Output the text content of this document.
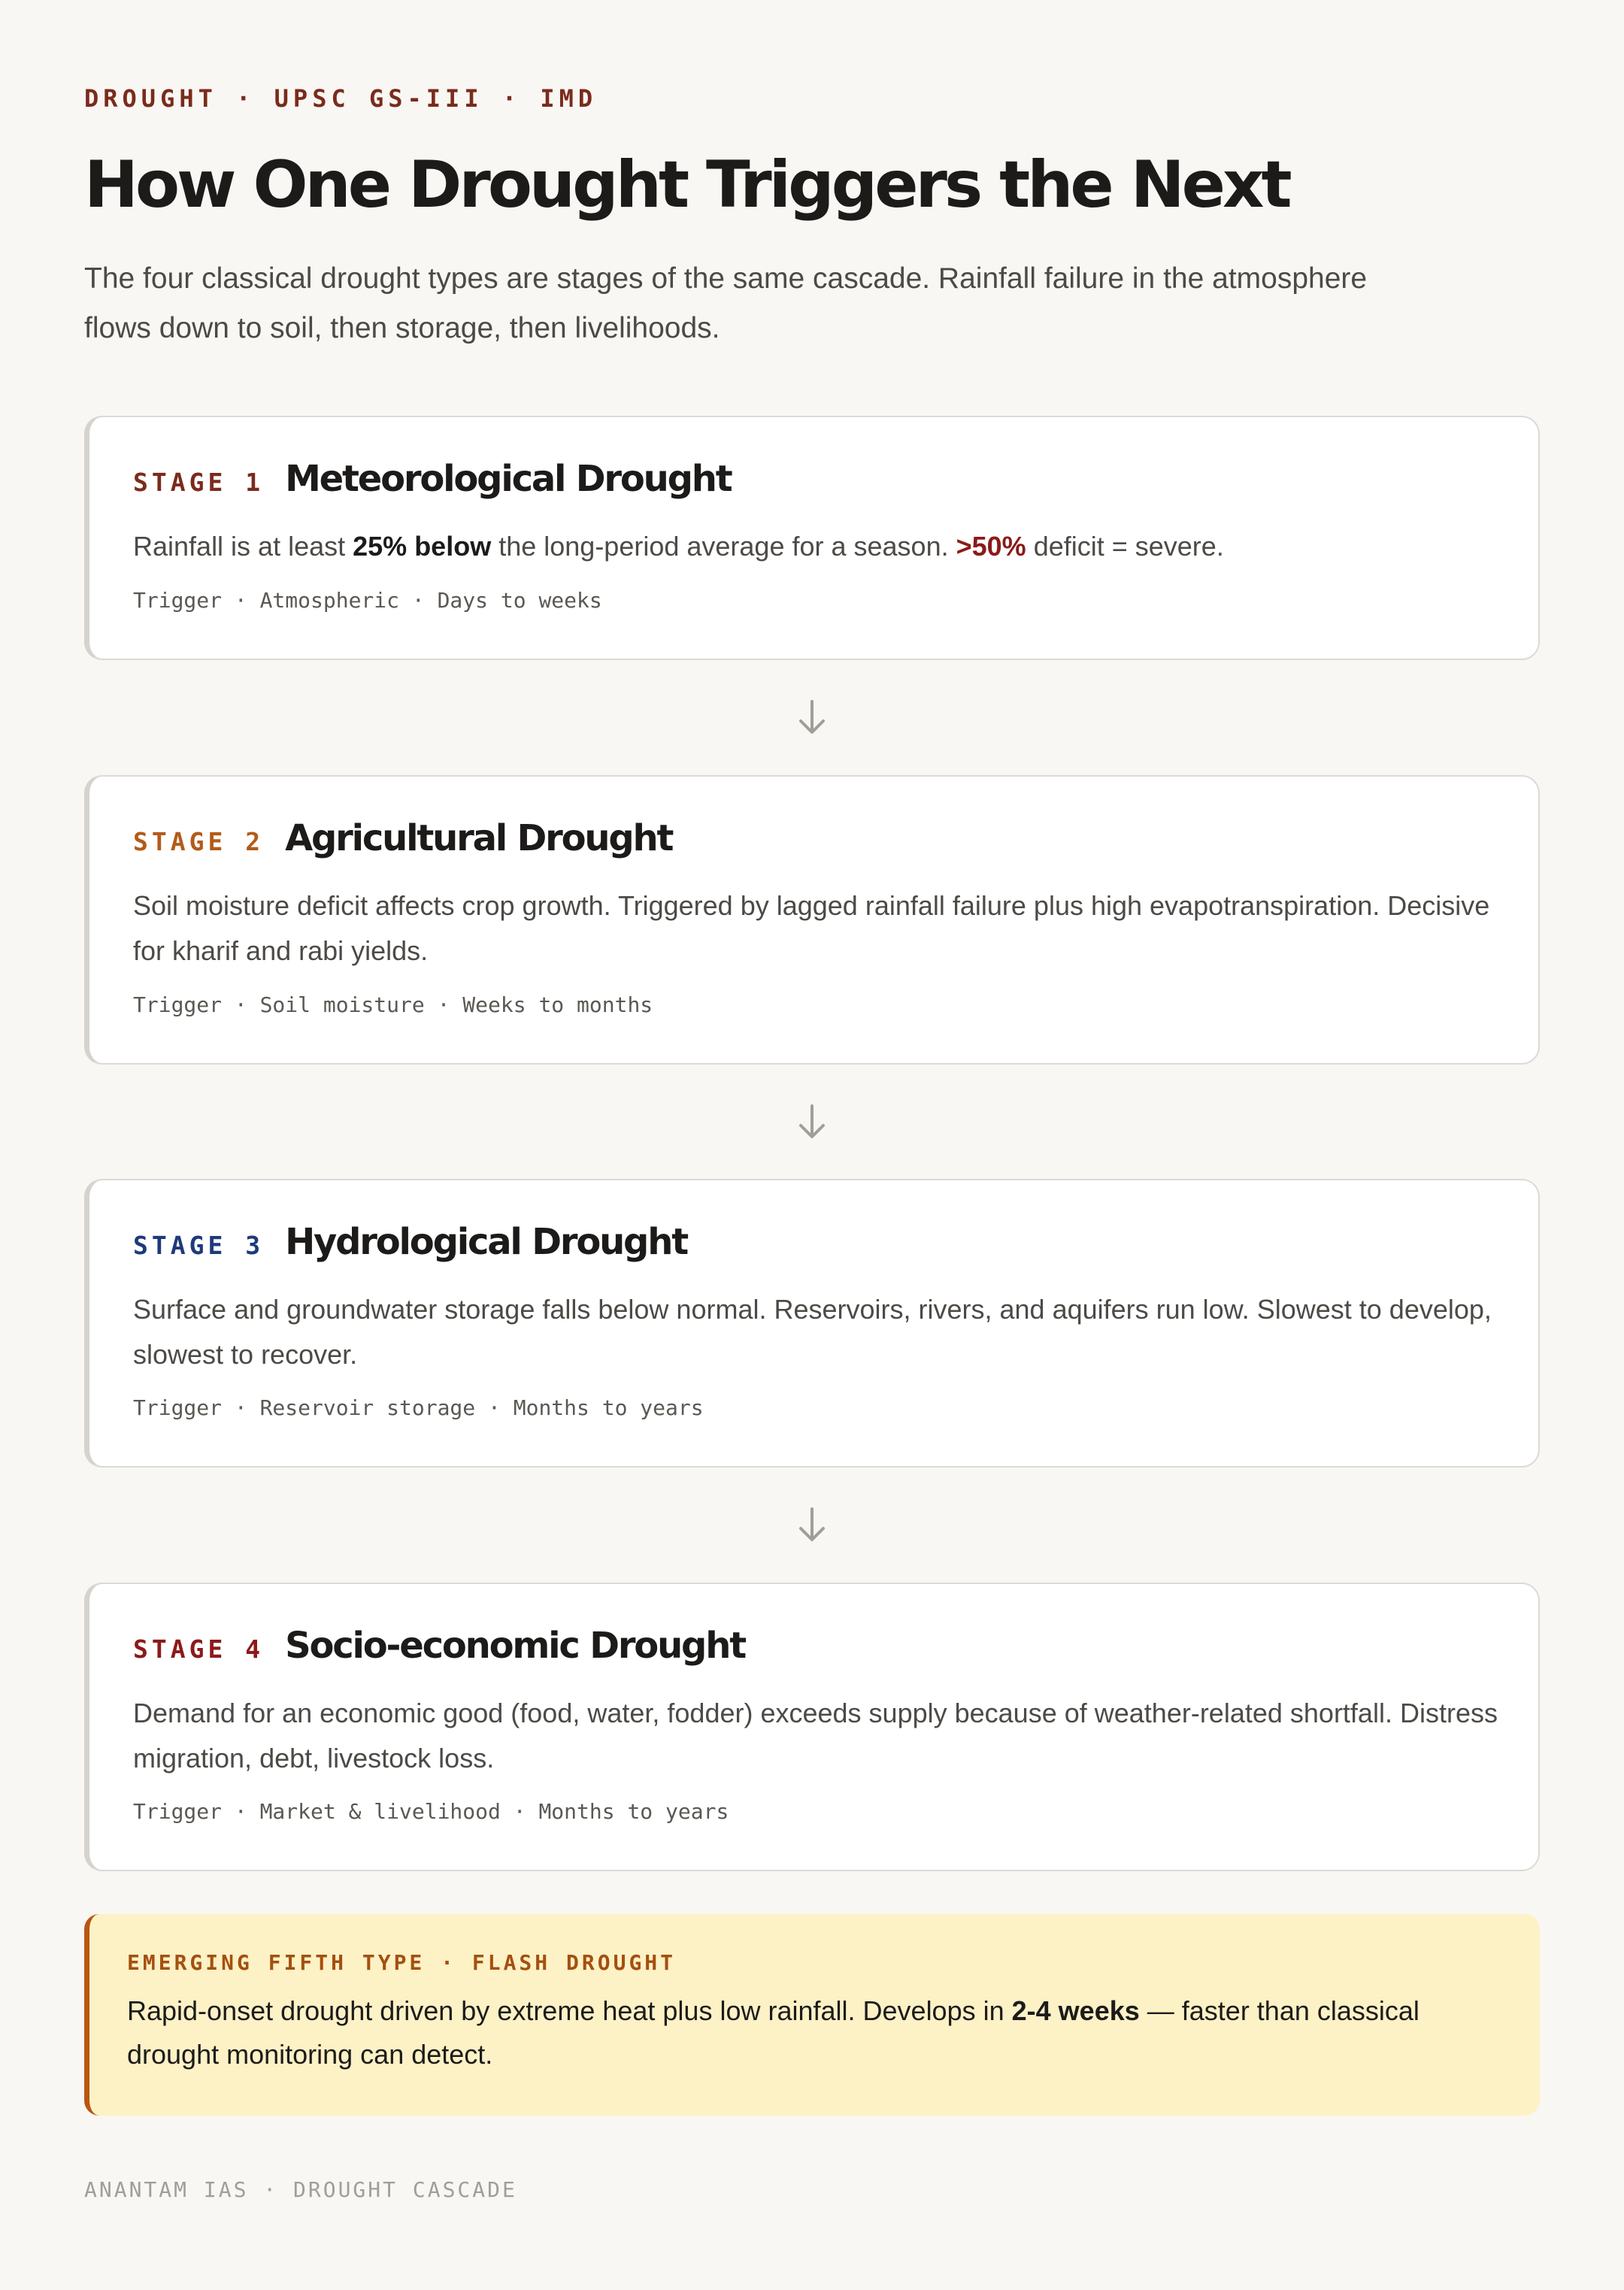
DROUGHT · UPSC GS-III · IMD
How One Drought Triggers the Next

The four classical drought types are stages of the same cascade. Rainfall failure in the atmosphere flows down to soil, then storage, then livelihoods.

STAGE 1 Meteorological Drought
Rainfall is at least 25% below the long-period average for a season. >50% deficit = severe.
Trigger · Atmospheric · Days to weeks
STAGE 2 Agricultural Drought
Soil moisture deficit affects crop growth. Triggered by lagged rainfall failure plus high evapotranspiration. Decisive for kharif and rabi yields.
Trigger · Soil moisture · Weeks to months
STAGE 3 Hydrological Drought
Surface and groundwater storage falls below normal. Reservoirs, rivers, and aquifers run low. Slowest to develop, slowest to recover.
Trigger · Reservoir storage · Months to years
STAGE 4 Socio-economic Drought
Demand for an economic good (food, water, fodder) exceeds supply because of weather-related shortfall. Distress migration, debt, livestock loss.
Trigger · Market & livelihood · Months to years
EMERGING FIFTH TYPE · FLASH DROUGHT
Rapid-onset drought driven by extreme heat plus low rainfall. Develops in 2-4 weeks — faster than classical drought monitoring can detect.
ANANTAM IAS · DROUGHT CASCADE
